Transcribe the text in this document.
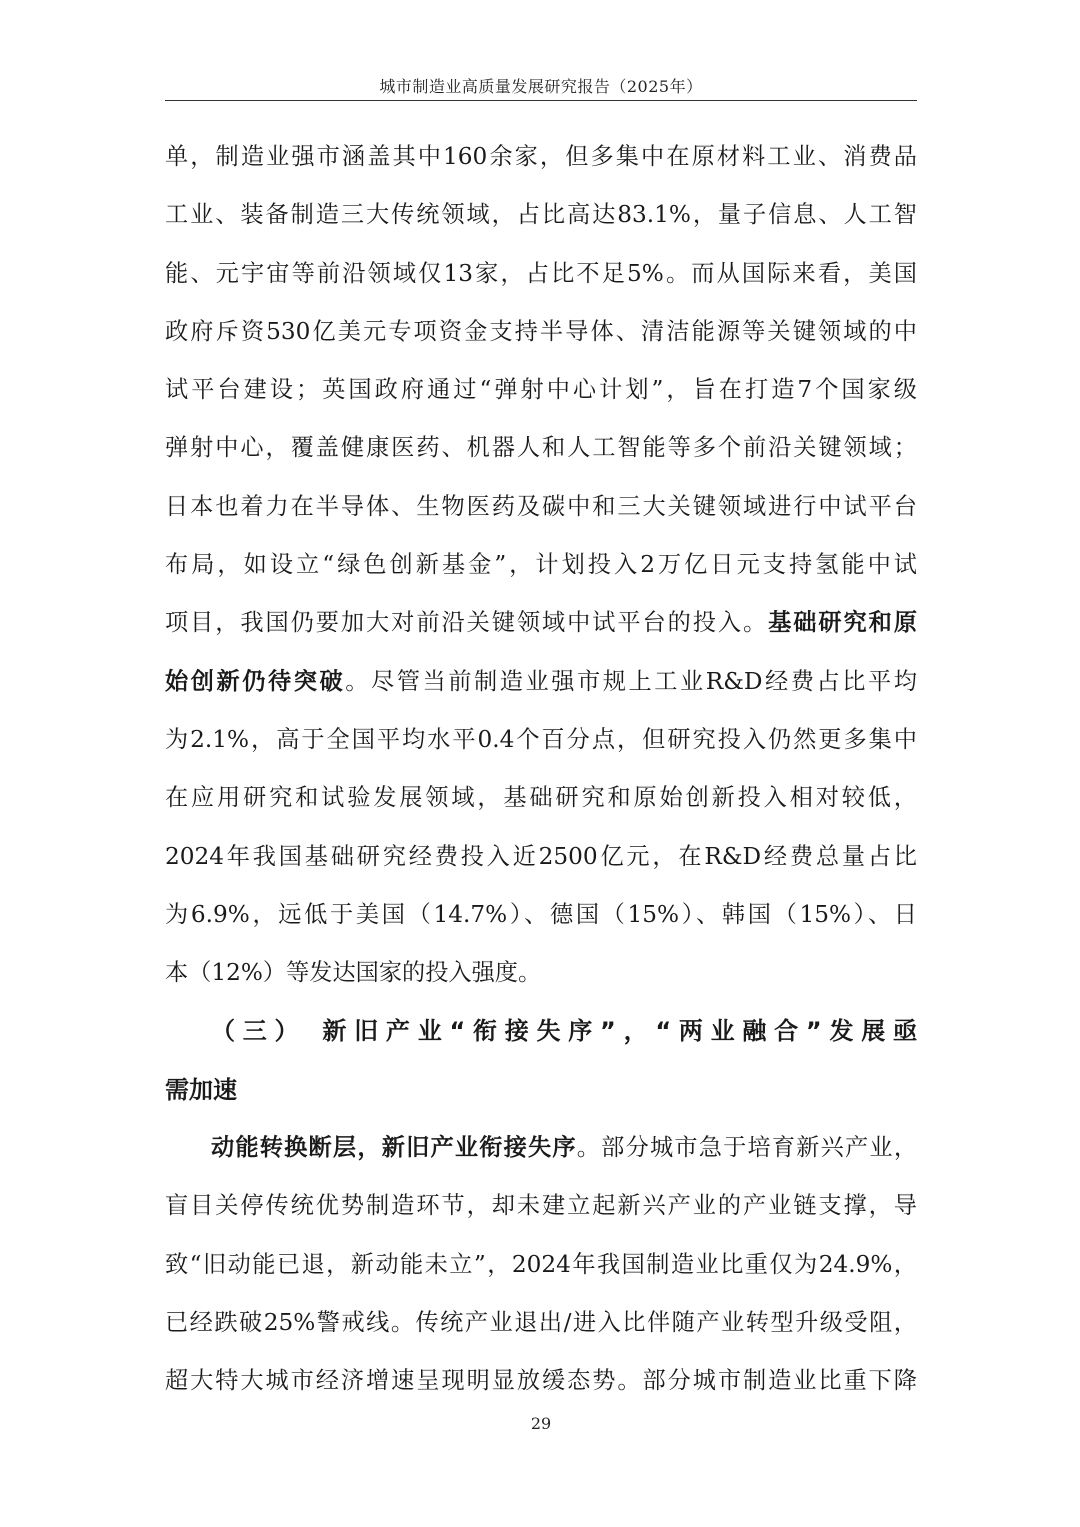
城市制造业高质量发展研究报告（2025年）
单，制造业强市涵盖其中160余家，但多集中在原材料工业、消费品
工业、装备制造三大传统领域，占比高达83.1%，量子信息、人工智
能、元宇宙等前沿领域仅13家，占比不足5%。而从国际来看，美国
政府斥资530亿美元专项资金支持半导体、清洁能源等关键领域的中
试平台建设；英国政府通过“弹射中心计划”，旨在打造7个国家级
弹射中心，覆盖健康医药、机器人和人工智能等多个前沿关键领域；
日本也着力在半导体、生物医药及碳中和三大关键领域进行中试平台
布局，如设立“绿色创新基金”，计划投入2万亿日元支持氢能中试
项目，我国仍要加大对前沿关键领域中试平台的投入。基础研究和原
始创新仍待突破。尽管当前制造业强市规上工业R&D经费占比平均
为2.1%，高于全国平均水平0.4个百分点，但研究投入仍然更多集中
在应用研究和试验发展领域，基础研究和原始创新投入相对较低，
2024年我国基础研究经费投入近2500亿元，在R&D经费总量占比
为6.9%，远低于美国（14.7%）、德国（15%）、韩国（15%）、日
本（12%）等发达国家的投入强度。
（三） 新旧产业“衔接失序”，“两业融合”发展亟
需加速
动能转换断层，新旧产业衔接失序。部分城市急于培育新兴产业，
盲目关停传统优势制造环节，却未建立起新兴产业的产业链支撑，导
致“旧动能已退，新动能未立”，2024年我国制造业比重仅为24.9%，
已经跌破25%警戒线。传统产业退出/进入比伴随产业转型升级受阻，
超大特大城市经济增速呈现明显放缓态势。部分城市制造业比重下降
29
